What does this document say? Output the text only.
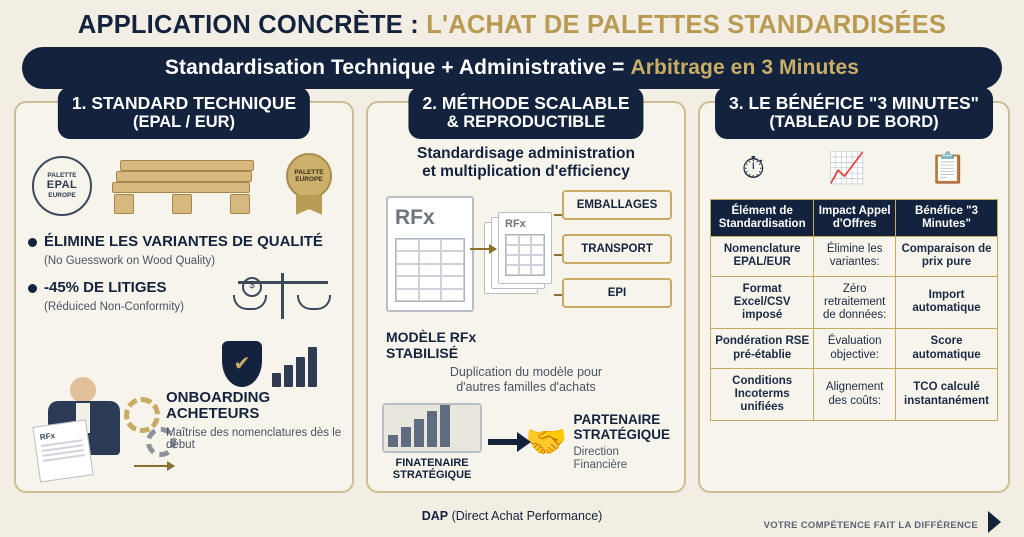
APPLICATION CONCRÈTE : L'ACHAT DE PALETTES STANDARDISÉES
Standardisation Technique + Administrative = Arbitrage en 3 Minutes
1. STANDARD TECHNIQUE
(EPAL / EUR)
PALETTE
EPAL
EUROPE
PALETTE
EUROPE
ÉLIMINE LES VARIANTES DE QUALITÉ
(No Guesswork on Wood Quality)
-45% DE LITIGES
(Réduiced Non-Conformity)
$
✔
RFx
ONBOARDING ACHETEURS
Maîtrise des nomenclatures dès le début
2. MÉTHODE SCALABLE
& REPRODUCTIBLE
Standardisage administration
et multiplication d'efficiency
RFx	RFx
EMBALLAGES
TRANSPORT
EPI
MODÈLE RFx
STABILISÉ
Duplication du modèle pour
d'autres familles d'achats
FINATENAIRE
STRATÉGIQUE
🤝
PARTENAIRE
STRATÉGIQUE
Direction Financière
3. LE BÉNÉFICE "3 MINUTES"
(TABLEAU DE BORD)
⏱ 📈 📋
Élément de Standardisation	Impact Appel d'Offres	Bénéfice "3 Minutes"
Nomenclature EPAL/EUR	Élimine les variantes:	Comparaison de prix pure
Format Excel/CSV imposé	Zéro retraitement de données:	Import automatique
Pondération RSE pré-établie	Évaluation objective:	Score automatique
Conditions Incoterms unifiées	Alignement des coûts:	TCO calculé instantanément
DAP (Direct Achat Performance)
VOTRE COMPÉTENCE FAIT LA DIFFÉRENCE
